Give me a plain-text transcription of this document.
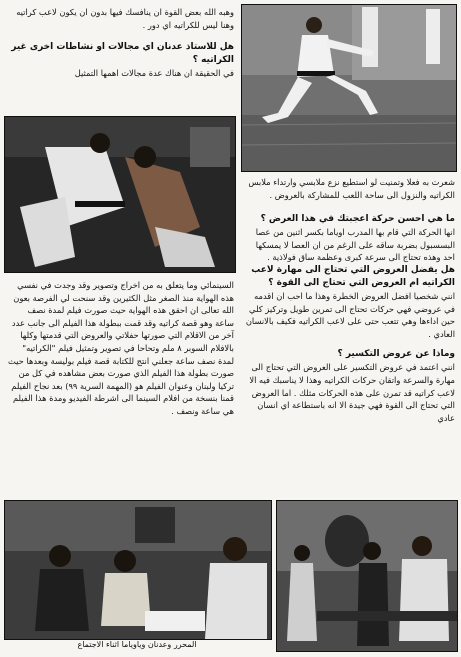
وهبه الله بعض القوة ان ينافسك فيها بدون ان يكون لاعب كراتيه وهنا ليس للكراتيه اي دور .

هل للاستاذ عدنان اي مجالات او نشاطات اخرى غير الكراتيه ؟

في الحقيقة ان هناك عدة مجالات اهمها التمثيل

السينمائي وما يتعلق به من اخراج وتصوير وقد وجدت في نفسي هذه الهواية منذ الصغر مثل الكثيرين وقد سنحت لي الفرصة بعون الله تعالى ان احقق هذه الهواية حيث صورت فيلم لمدة نصف ساعة وهو قصة كراتيه وقد قمت ببطولة هذا الفيلم الى جانب عدد آخر من الاقلام التي صورتها حفلاتي والعروض التي قدمتها وكلها بالافلام السوبر ٨ ملم وتحاحا في تصوير وتمثيل فيلم "الكراتيه" لمدة نصف ساعة جعلني انتج للكتابة قصة فيلم بوليسة وبعدها حيث صورت بطولة هذا الفيلم الذي صورت بعض مشاهده في كل من تركيا ولبنان وعنوان الفيلم هو (المهمة السرية ٩٩) بعد نجاح الفيلم قمنا بنسخة من افلام السينما الى اشرطة الفيديو ومدة هذا الفيلم هي ساعة ونصف .

شعرت به فعلا وتمنيت لو استطيع نزع ملابسي وارتداء ملابس الكراتيه والنزول الى ساحة اللعب للمشاركة بالعروض .

ما هي احسن حركة اعجبتك في هذا العرض ؟

انها الحركة التي قام بها المدرب اوياما بكسر اثنين من عصا البسسبول بضربة ساقه على الرغم من ان العصا لا يمسكها احد وهذه تحتاج الى سرعة كبرى وعظمة ساق فولاذية .

هل يفضل العروض التي تحتاج الى مهارة لاعب الكراتيه ام العروض التي تحتاج الى القوة ؟

انني شخصيا افضل العروض الخطرة وهذا ما احب ان اقدمه في عروضي فهي حركات تحتاج الى تمرين طويل وتركيز كلي حين اداءها وهي تتعب حتى على لاعب الكراتيه فكيف بالانسان العادي .

وماذا عن عروض التكسير ؟

انني اعتمد في عروض التكسير على العروض التي تحتاج الى مهارة والسرعة واتقان حركات الكراتيه وهذا لا يناسبك فيه الا لاعب كراتيه قد تمرن على هذه الحركات مثلك . اما العروض التي تحتاج الى القوة فهي جيدة الا انه باستطاعة اي انسان عادي

المحرر وعدنان وياوياما اثناء الاجتماع
